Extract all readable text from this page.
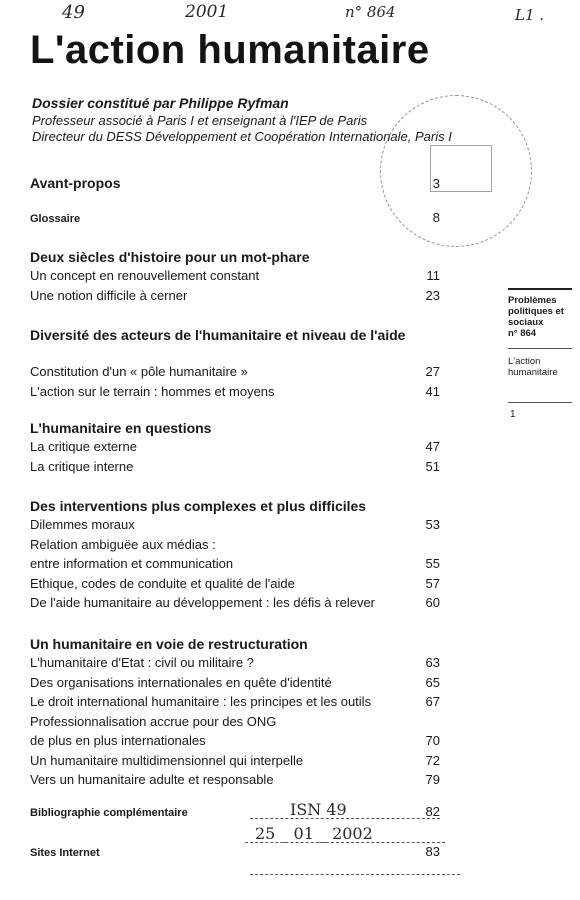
49	2001	n° 864	L1 .
L'action humanitaire
Dossier constitué par Philippe Ryfman
Professeur associé à Paris I et enseignant à l'IEP de Paris
Directeur du DESS Développement et Coopération Internationale, Paris I
Avant-propos	3
Glossaire	8
Deux siècles d'histoire pour un mot-phare
Un concept en renouvellement constant	11
Une notion difficile à cerner	23
Diversité des acteurs de l'humanitaire et niveau de l'aide
Constitution d'un « pôle humanitaire »	27
L'action sur le terrain : hommes et moyens	41
L'humanitaire en questions
La critique externe	47
La critique interne	51
Des interventions plus complexes et plus difficiles
Dilemmes moraux	53
Relation ambiguëe aux médias :
entre information et communication	55
Ethique, codes de conduite et qualité de l'aide	57
De l'aide humanitaire au développement : les défis à relever	60
Un humanitaire en voie de restructuration
L'humanitaire d'Etat : civil ou militaire ?	63
Des organisations internationales en quête d'identité	65
Le droit international humanitaire : les principes et les outils	67
Professionnalisation accrue pour des ONG
de plus en plus internationales	70
Un humanitaire multidimensionnel qui interpelle	72
Vers un humanitaire adulte et responsable	79
Bibliographie complémentaire	82
Sites Internet	83
ISN 49
25 _ 01 _ 2002
Problèmes politiques et sociaux
n° 864
L'action humanitaire
1
